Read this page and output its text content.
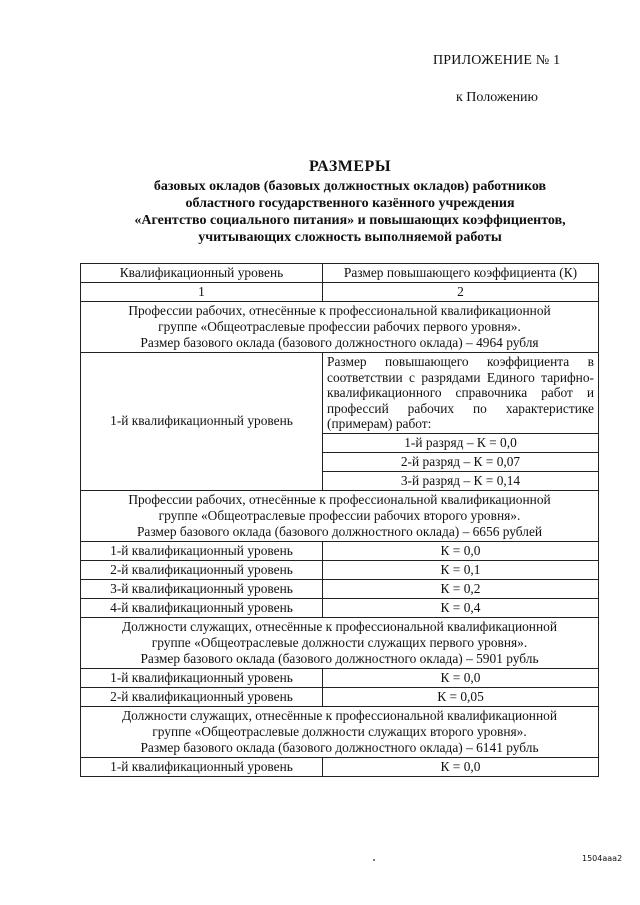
ПРИЛОЖЕНИЕ № 1
к Положению
РАЗМЕРЫ
базовых окладов (базовых должностных окладов) работников
областного государственного казённого учреждения
«Агентство социального питания» и повышающих коэффициентов,
учитывающих сложность выполняемой работы
Квалификационный уровень	Размер повышающего коэффициента (К)
1	2

Профессии рабочих, отнесённые к профессиональной квалификационной
группе «Общеотраслевые профессии рабочих первого уровня».
Размер базового оклада (базового должностного оклада) – 4964 рубля	

1-й квалификационный уровень	Размер повышающего коэффициента в соответствии с разрядами Единого тарифно-квалификационного справочника работ и профессий рабочих по характеристике (примерам) работ:
	1-й разряд – К = 0,0
	2-й разряд – К = 0,07
	3-й разряд – К = 0,14

Профессии рабочих, отнесённые к профессиональной квалификационной
группе «Общеотраслевые профессии рабочих второго уровня».
Размер базового оклада (базового должностного оклада) – 6656 рублей	

1-й квалификационный уровень	К = 0,0
2-й квалификационный уровень	К = 0,1
3-й квалификационный уровень	К = 0,2
4-й квалификационный уровень	К = 0,4

Должности служащих, отнесённые к профессиональной квалификационной
группе «Общеотраслевые должности служащих первого уровня».
Размер базового оклада (базового должностного оклада) – 5901 рубль	

1-й квалификационный уровень	К = 0,0
2-й квалификационный уровень	К = 0,05

Должности служащих, отнесённые к профессиональной квалификационной
группе «Общеотраслевые должности служащих второго уровня».
Размер базового оклада (базового должностного оклада) – 6141 рубль	

1-й квалификационный уровень	К = 0,0
1504ааа2
